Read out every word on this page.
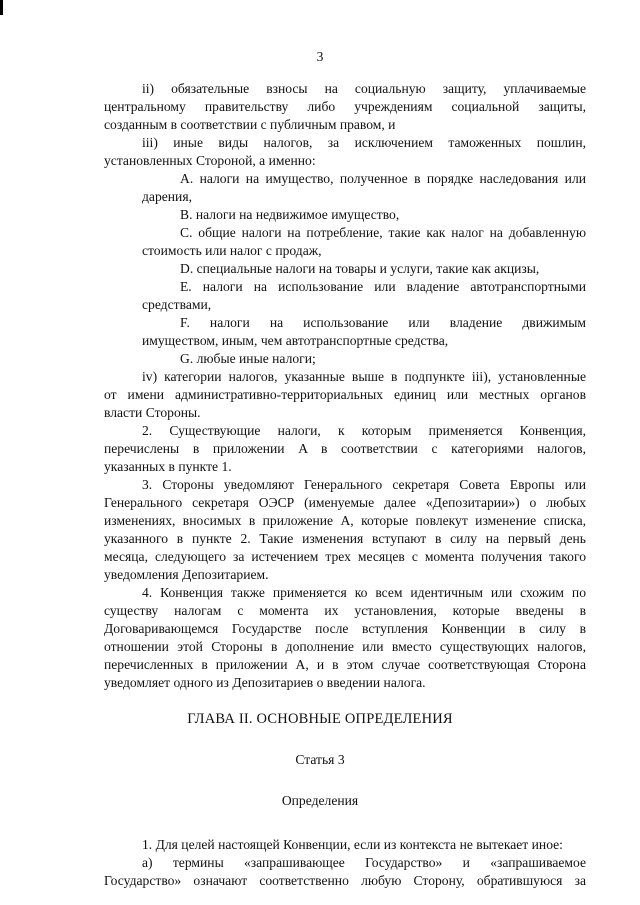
3
ii) обязательные взносы на социальную защиту, уплачиваемые
центральному правительству либо учреждениям социальной защиты,
созданным в соответствии с публичным правом, и
iii) иные виды налогов, за исключением таможенных пошлин,
установленных Стороной, а именно:
A. налоги на имущество, полученное в порядке наследования или
дарения,
B. налоги на недвижимое имущество,
C. общие налоги на потребление, такие как налог на добавленную
стоимость или налог с продаж,
D. специальные налоги на товары и услуги, такие как акцизы,
E. налоги на использование или владение автотранспортными
средствами,
F. налоги на использование или владение движимым
имуществом, иным, чем автотранспортные средства,
G. любые иные налоги;
iv) категории налогов, указанные выше в подпункте iii), установленные
от имени административно-территориальных единиц или местных органов
власти Стороны.
2. Существующие налоги, к которым применяется Конвенция,
перечислены в приложении A в соответствии с категориями налогов,
указанных в пункте 1.
3. Стороны уведомляют Генерального секретаря Совета Европы или
Генерального секретаря ОЭСР (именуемые далее «Депозитарии») о любых
изменениях, вносимых в приложение A, которые повлекут изменение списка,
указанного в пункте 2. Такие изменения вступают в силу на первый день
месяца, следующего за истечением трех месяцев с момента получения такого
уведомления Депозитарием.
4. Конвенция также применяется ко всем идентичным или схожим по
существу налогам с момента их установления, которые введены в
Договаривающемся Государстве после вступления Конвенции в силу в
отношении этой Стороны в дополнение или вместо существующих налогов,
перечисленных в приложении A, и в этом случае соответствующая Сторона
уведомляет одного из Депозитариев о введении налога.
ГЛАВА II. ОСНОВНЫЕ ОПРЕДЕЛЕНИЯ
Статья 3
Определения
1. Для целей настоящей Конвенции, если из контекста не вытекает иное:
a) термины «запрашивающее Государство» и «запрашиваемое
Государство» означают соответственно любую Сторону, обратившуюся за
